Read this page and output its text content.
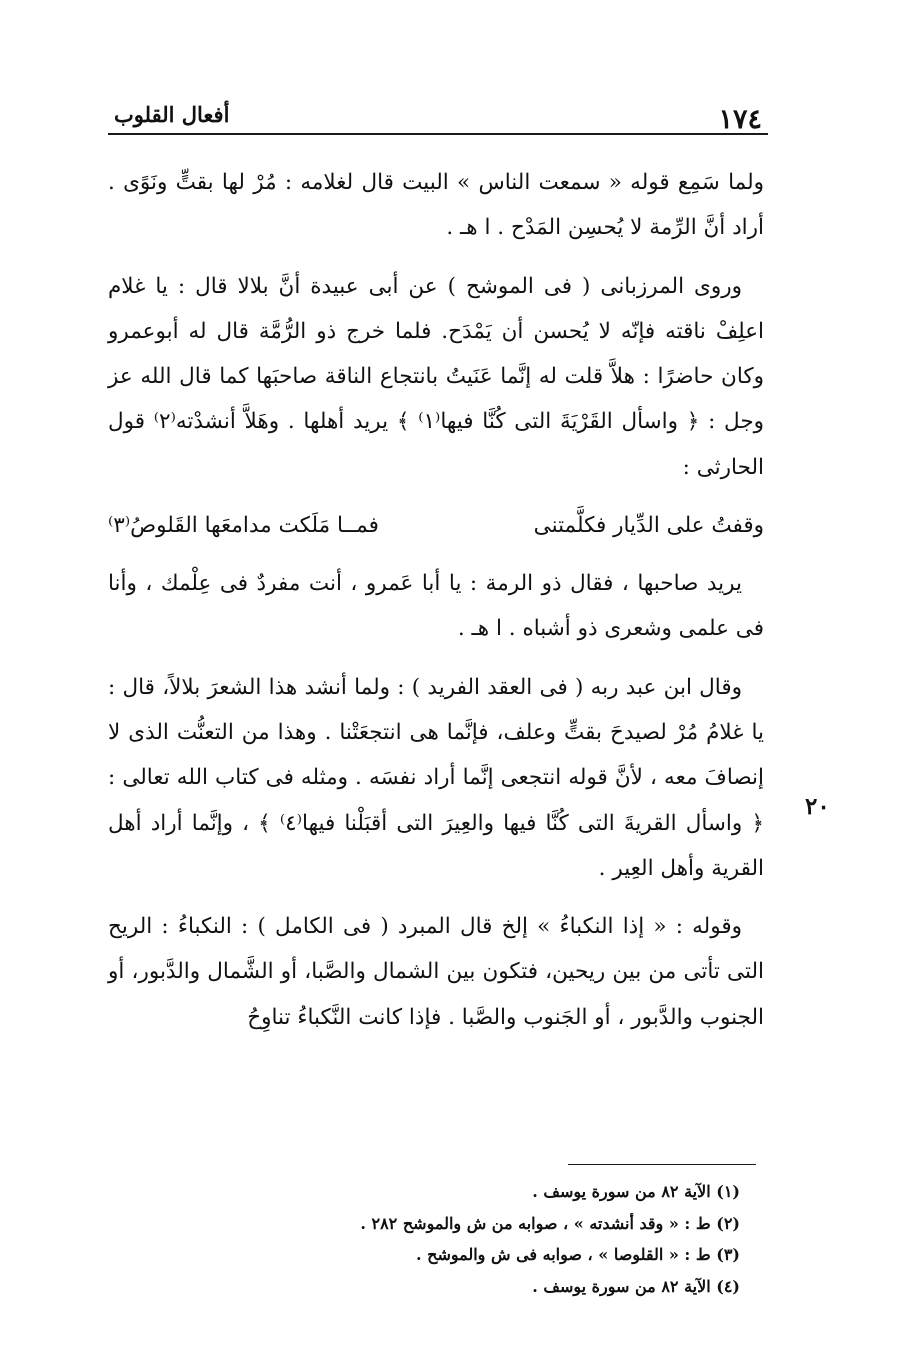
١٧٤
أفعال القلوب

ولما سَمِع قوله « سمعت الناس » البيت قال لغلامه : مُرْ لها بقتٍّ ونَوًى . أراد أنَّ الرِّمة لا يُحسِن المَدْح . ا هـ .

وروى المرزبانى ( فى الموشح ) عن أبى عبيدة أنَّ بلالا قال : يا غلام اعلِفْ ناقته فإنّه لا يُحسن أن يَمْدَح. فلما خرج ذو الرُّمَّة قال له أبوعمرو وكان حاضرًا : هلاَّ قلت له إنَّما عَنَيتُ بانتجاع الناقة صاحبَها كما قال الله عز وجل : ﴿ واسأل القَرْيَةَ التى كُنَّا فيها⁽١⁾ ﴾ يريد أهلها . وهَلاَّ أنشدْته⁽٢⁾ قول الحارثى :

وقفتُ على الدِّيار فكلَّمتنى
فمــا مَلَكت مدامعَها القَلوصُ⁽٣⁾

يريد صاحبها ، فقال ذو الرمة : يا أبا عَمرو ، أنت مفردٌ فى عِلْمك ، وأنا فى علمى وشعرى ذو أشباه . ا هـ .

وقال ابن عبد ربه ( فى العقد الفريد ) : ولما أنشد هذا الشعرَ بلالاً، قال : يا غلامُ مُرْ لصيدحَ بقتٍّ وعلف، فإنَّما هى انتجعَتْنا . وهذا من التعنُّت الذى لا إنصافَ معه ، لأنَّ قوله انتجعى إنَّما أراد نفسَه . ومثله فى كتاب الله تعالى : ﴿ واسأل القريةَ التى كُنَّا فيها والعِيرَ التى أقبَلْنا فيها⁽٤⁾ ﴾ ، وإنَّما أراد أهل القرية وأهل العِير .

وقوله : « إذا النكباءُ » إلخ قال المبرد ( فى الكامل ) : النكباءُ : الريح التى تأتى من بين ريحين، فتكون بين الشمال والصَّبا، أو الشَّمال والدَّبور، أو الجنوب والدَّبور ، أو الجَنوب والصَّبا . فإذا كانت النَّكباءُ تناوِحُ

٢٠
(١) الآية ٨٢ من سورة يوسف .
(٢) ط : « وقد أنشدته » ، صوابه من ش والموشح ٢٨٢ .
(٣) ط : « القلوصا » ، صوابه فى ش والموشح .
(٤) الآية ٨٢ من سورة يوسف .
